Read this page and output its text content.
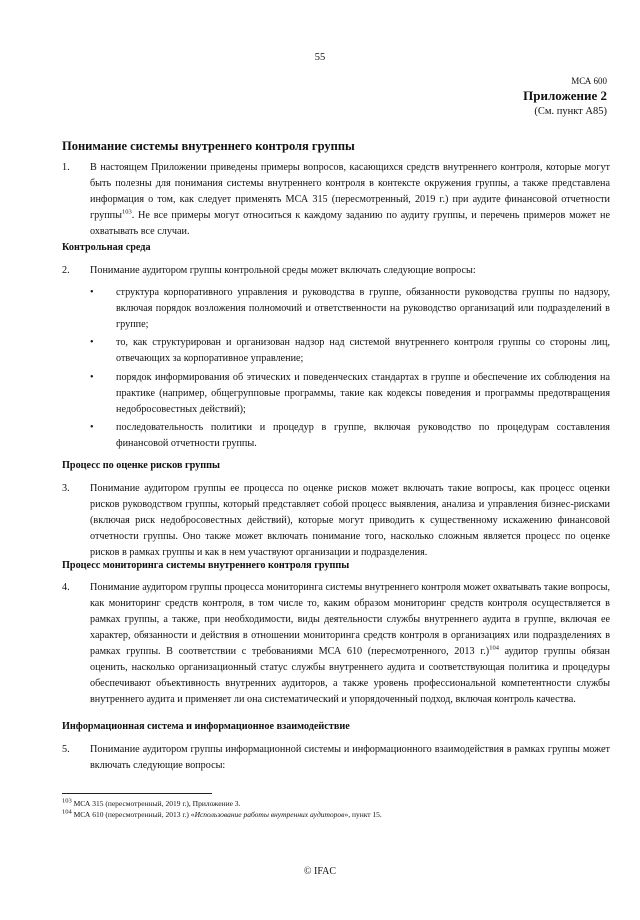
55
МСА 600
Приложение 2
(См. пункт А85)
Понимание системы внутреннего контроля группы
1. В настоящем Приложении приведены примеры вопросов, касающихся средств внутреннего контроля, которые могут быть полезны для понимания системы внутреннего контроля в контексте окружения группы, а также представлена информация о том, как следует применять МСА 315 (пересмотренный, 2019 г.) при аудите финансовой отчетности группы$^{103}$. Не все примеры могут относиться к каждому заданию по аудиту группы, и перечень примеров может не охватывать все случаи.
Контрольная среда
2. Понимание аудитором группы контрольной среды может включать следующие вопросы:
• структура корпоративного управления и руководства в группе, обязанности руководства группы по надзору, включая порядок возложения полномочий и ответственности на руководство организаций или подразделений в группе;
• то, как структурирован и организован надзор над системой внутреннего контроля группы со стороны лиц, отвечающих за корпоративное управление;
• порядок информирования об этических и поведенческих стандартах в группе и обеспечение их соблюдения на практике (например, общегрупповые программы, такие как кодексы поведения и программы предотвращения недобросовестных действий);
• последовательность политики и процедур в группе, включая руководство по процедурам составления финансовой отчетности группы.
Процесс по оценке рисков группы
3. Понимание аудитором группы ее процесса по оценке рисков может включать такие вопросы, как процесс оценки рисков руководством группы, который представляет собой процесс выявления, анализа и управления бизнес-рисками (включая риск недобросовестных действий), которые могут приводить к существенному искажению финансовой отчетности группы. Оно также может включать понимание того, насколько сложным является процесс по оценке рисков в рамках группы и как в нем участвуют организации и подразделения.
Процесс мониторинга системы внутреннего контроля группы
4. Понимание аудитором группы процесса мониторинга системы внутреннего контроля может охватывать такие вопросы, как мониторинг средств контроля, в том числе то, каким образом мониторинг средств контроля осуществляется в рамках группы, а также, при необходимости, виды деятельности службы внутреннего аудита в группе, включая ее характер, обязанности и действия в отношении мониторинга средств контроля в организациях или подразделениях в рамках группы. В соответствии с требованиями МСА 610 (пересмотренного, 2013 г.)$^{104}$ аудитор группы обязан оценить, насколько организационный статус службы внутреннего аудита и соответствующая политика и процедуры обеспечивают объективность внутренних аудиторов, а также уровень профессиональной компетентности службы внутреннего аудита и применяет ли она систематический и упорядоченный подход, включая контроль качества.
Информационная система и информационное взаимодействие
5. Понимание аудитором группы информационной системы и информационного взаимодействия в рамках группы может включать следующие вопросы:
$^{103}$ МСА 315 (пересмотренный, 2019 г.), Приложение 3.
$^{104}$ МСА 610 (пересмотренный, 2013 г.) «Использование работы внутренних аудиторов», пункт 15.
© IFAC
